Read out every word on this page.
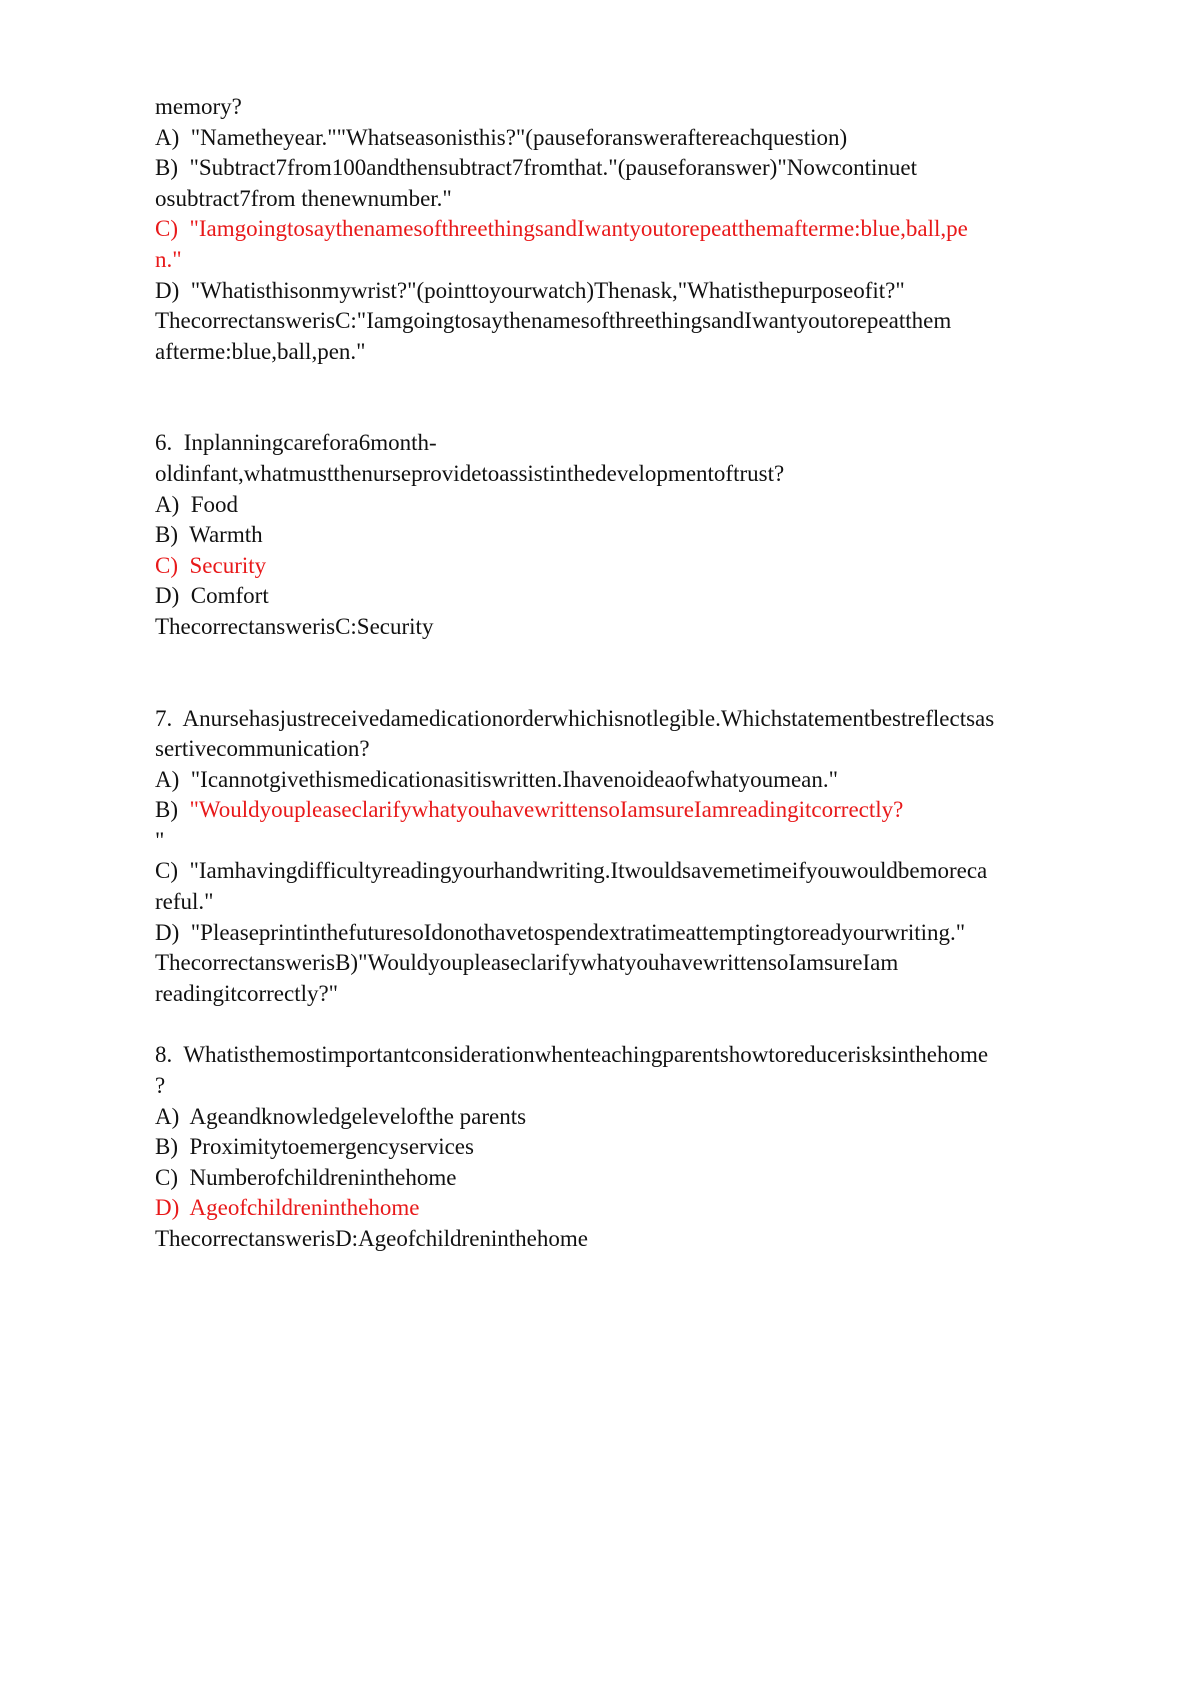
memory?
A)  "Nametheyear.""Whatseasonisthis?"(pauseforansweraftereachquestion)
B)  "Subtract7from100andthensubtract7fromthat."(pauseforanswer)"Nowcontinuet
osubtract7from thenewnumber."
C)  "IamgoingtosaythenamesofthreethingsandIwantyoutorepeatthemafterme:blue,ball,pe
n."
D)  "Whatisthisonmywrist?"(pointtoyourwatch)Thenask,"Whatisthepurposeofit?"
ThecorrectanswerisC:"IamgoingtosaythenamesofthreethingsandIwantyoutorepeatthem
afterme:blue,ball,pen."
6.  Inplanningcarefora6month-
oldinfant,whatmustthenurseprovidetoassistinthedevelopmentoftrust?
A)  Food
B)  Warmth
C)  Security
D)  Comfort
ThecorrectanswerisC:Security
7.  Anursehasjustreceivedamedicationorderwhichisnotlegible.Whichstatementbestreflectsas
sertivecommunication?
A)  "Icannotgivethismedicationasitiswritten.Ihavenoideaofwhatyoumean."
B)  "WouldyoupleaseclarifywhatyouhavewrittensoIamsureIamreadingitcorrectly?
"
C)  "Iamhavingdifficultyreadingyourhandwriting.Itwouldsavemetimeifyouwouldbemoreca
reful."
D)  "PleaseprintinthefuturesoIdonothavetospendextratimeattemptingtoreadyourwriting."
ThecorrectanswerisB)"WouldyoupleaseclarifywhatyouhavewrittensoIamsureIam
readingitcorrectly?"
8.  Whatisthemostimportantconsiderationwhenteachingparentshowtoreducerisksinthehome
?
A)  Ageandknowledgelevelofthe parents
B)  Proximitytoemergencyservices
C)  Numberofchildreninthehome
D)  Ageofchildreninthehome
ThecorrectanswerisD:Ageofchildreninthehome
